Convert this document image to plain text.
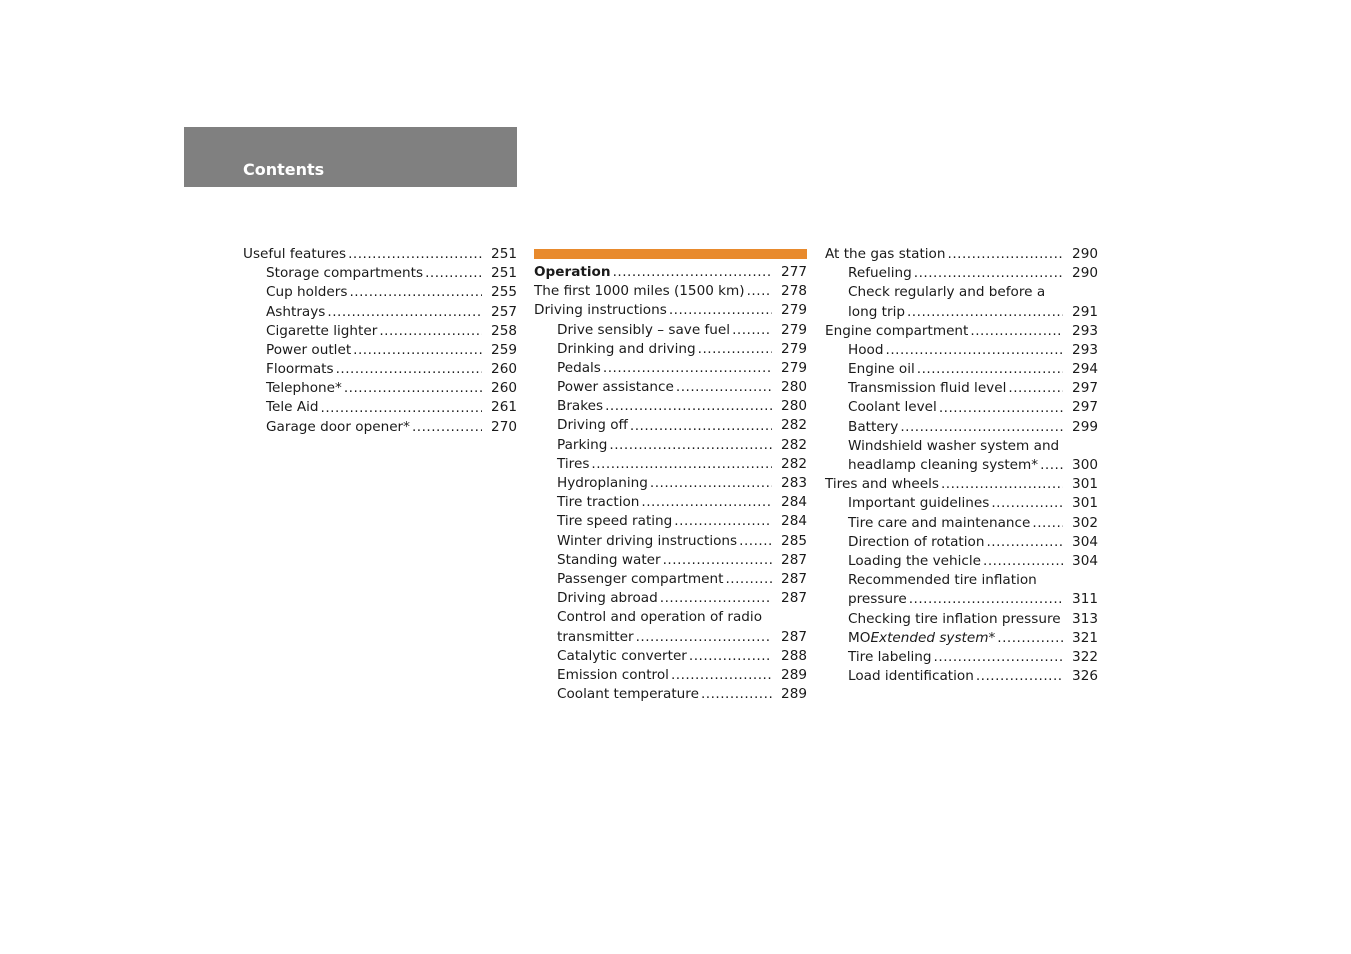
Contents
Useful features .....	251
Storage compartments .....	251
Cup holders .....	255
Ashtrays .....	257
Cigarette lighter .....	258
Power outlet .....	259
Floormats .....	260
Telephone* .....	260
Tele Aid .....	261
Garage door opener* .....	270
Operation .....	277
The first 1000 miles (1500 km) .....	278
Driving instructions .....	279
Drive sensibly – save fuel .....	279
Drinking and driving .....	279
Pedals .....	279
Power assistance .....	280
Brakes .....	280
Driving off .....	282
Parking .....	282
Tires .....	282
Hydroplaning .....	283
Tire traction .....	284
Tire speed rating .....	284
Winter driving instructions .....	285
Standing water .....	287
Passenger compartment .....	287
Driving abroad .....	287
Control and operation of radio
transmitter .....	287
Catalytic converter .....	288
Emission control .....	289
Coolant temperature .....	289
At the gas station .....	290
Refueling .....	290
Check regularly and before a
long trip .....	291
Engine compartment .....	293
Hood .....	293
Engine oil .....	294
Transmission fluid level .....	297
Coolant level .....	297
Battery .....	299
Windshield washer system and
headlamp cleaning system* ..... 300
Tires and wheels .....	301
Important guidelines .....	301
Tire care and maintenance .....	302
Direction of rotation .....	304
Loading the vehicle .....	304
Recommended tire inflation
pressure .....	311
Checking tire inflation pressure ..... 313
MOExtended system* .....	321
Tire labeling .....	322
Load identification .....	326
